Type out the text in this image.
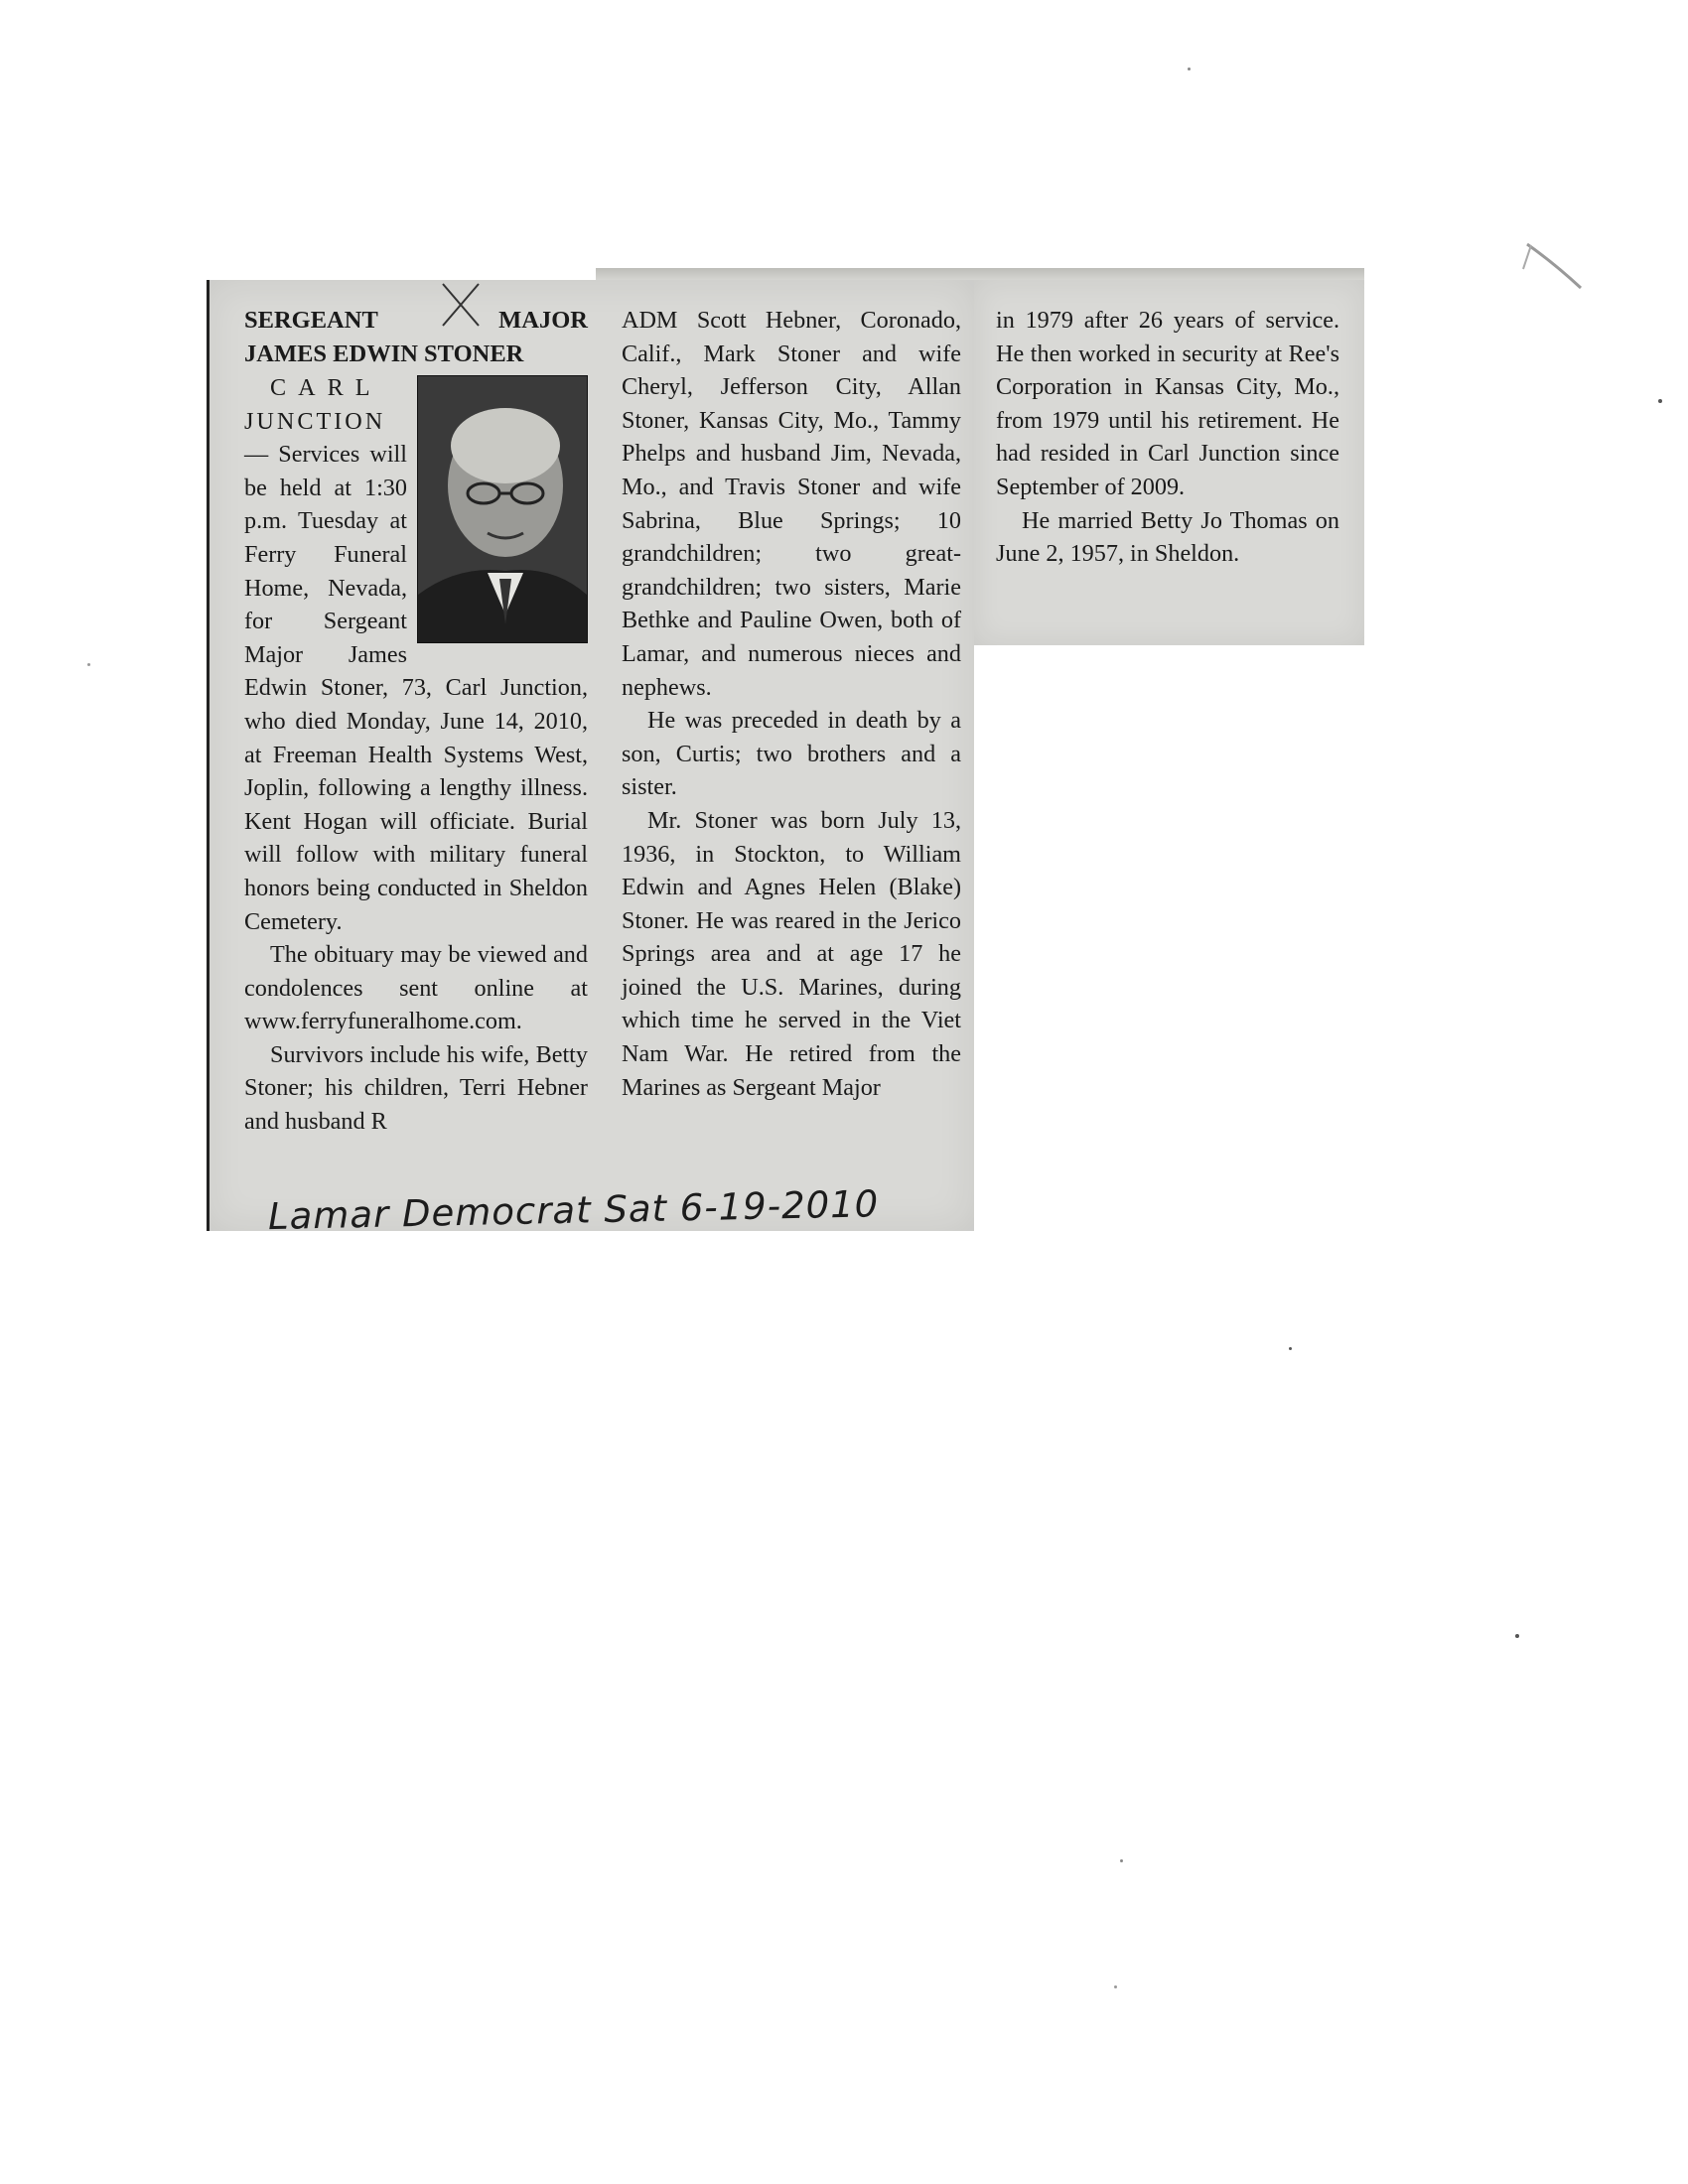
SERGEANT MAJOR
JAMES EDWIN STONER

CARL

JUNCTION

— Services will be held at 1:30 p.m. Tuesday at Ferry Funeral Home, Nevada, for Sergeant Major James Edwin Stoner, 73, Carl Junction, who died Monday, June 14, 2010, at Freeman Health Systems West, Joplin, following a lengthy illness. Kent Hogan will officiate. Burial will follow with military funeral honors being conducted in Sheldon Cemetery.

The obituary may be viewed and condolences sent online at www.ferryfuneralhome.com.

Survivors include his wife, Betty Stoner; his children, Terri Hebner and husband R

ADM Scott Hebner, Coronado, Calif., Mark Stoner and wife Cheryl, Jefferson City, Allan Stoner, Kansas City, Mo., Tammy Phelps and husband Jim, Nevada, Mo., and Travis Stoner and wife Sabrina, Blue Springs; 10 grandchildren; two great-grandchildren; two sisters, Marie Bethke and Pauline Owen, both of Lamar, and numerous nieces and nephews.

He was preceded in death by a son, Curtis; two brothers and a sister.

Mr. Stoner was born July 13, 1936, in Stockton, to William Edwin and Agnes Helen (Blake) Stoner. He was reared in the Jerico Springs area and at age 17 he joined the U.S. Marines, during which time he served in the Viet Nam War. He retired from the Marines as Sergeant Major

in 1979 after 26 years of service. He then worked in security at Ree's Corporation in Kansas City, Mo., from 1979 until his retirement. He had resided in Carl Junction since September of 2009.

He married Betty Jo Thomas on June 2, 1957, in Sheldon.

Lamar Democrat Sat 6-19-2010
